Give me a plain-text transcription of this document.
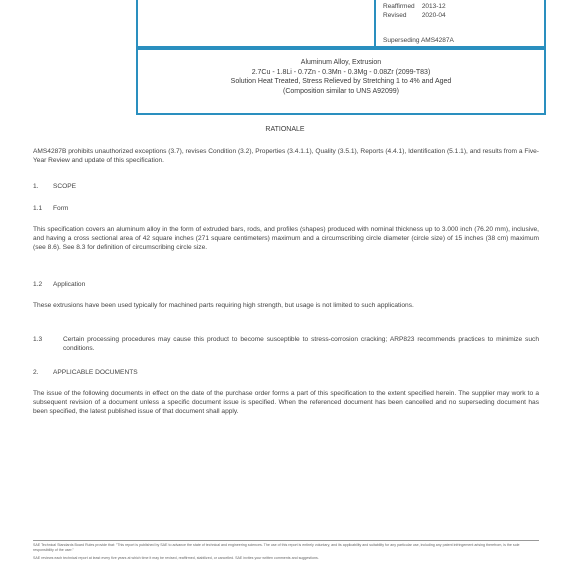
Reaffirmed 2013-12
Revised 2020-04
Superseding AMS4287A
Aluminum Alloy, Extrusion
2.7Cu - 1.8Li - 0.7Zn - 0.3Mn - 0.3Mg - 0.08Zr (2099-T83)
Solution Heat Treated, Stress Relieved by Stretching 1 to 4% and Aged
(Composition similar to UNS A92099)
RATIONALE
AMS4287B prohibits unauthorized exceptions (3.7), revises Condition (3.2), Properties (3.4.1.1), Quality (3.5.1), Reports (4.4.1), Identification (5.1.1), and results from a Five-Year Review and update of this specification.
1. SCOPE
1.1 Form
This specification covers an aluminum alloy in the form of extruded bars, rods, and profiles (shapes) produced with nominal thickness up to 3.000 inch (76.20 mm), inclusive, and having a cross sectional area of 42 square inches (271 square centimeters) maximum and a circumscribing circle diameter (circle size) of 15 inches (38 cm) maximum (see 8.6). See 8.3 for definition of circumscribing circle size.
1.2 Application
These extrusions have been used typically for machined parts requiring high strength, but usage is not limited to such applications.
1.3	Certain processing procedures may cause this product to become susceptible to stress-corrosion cracking; ARP823 recommends practices to minimize such conditions.
2. APPLICABLE DOCUMENTS
The issue of the following documents in effect on the date of the purchase order forms a part of this specification to the extent specified herein. The supplier may work to a subsequent revision of a document unless a specific document issue is specified. When the referenced document has been cancelled and no superseding document has been specified, the latest published issue of that document shall apply.
SAE Technical Standards Board Rules provide that: "This report is published by SAE to advance the state of technical and engineering sciences. The use of this report is entirely voluntary, and its applicability and suitability for any particular use, including any patent infringement arising therefrom, is the sole responsibility of the user."
SAE reviews each technical report at least every five years at which time it may be revised, reaffirmed, stabilized, or cancelled. SAE invites your written comments and suggestions.
